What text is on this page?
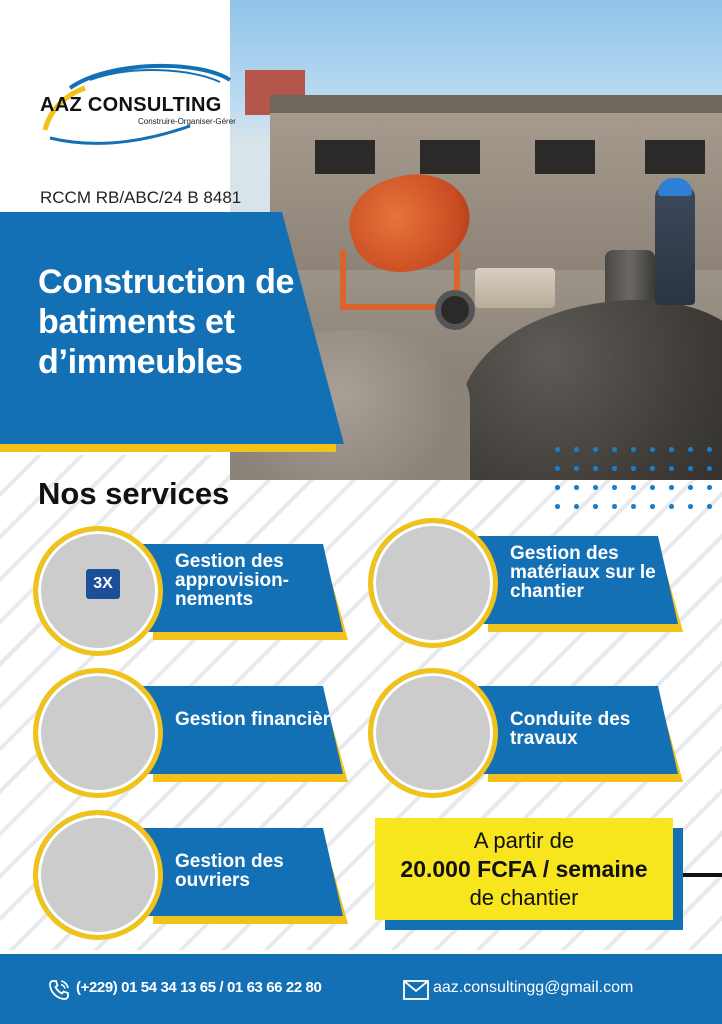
AAZ CONSULTING
Construire-Organiser-Gérer
RCCM RB/ABC/24 B 8481
Construction de batiments et d’immeubles
Nos services
3X
Gestion des approvision-nements
Gestion des matériaux sur le chantier
Gestion financière	Conduite des travaux
Gestion des ouvriers
A partir de
20.000 FCFA / semaine
de chantier
(+229) 01 54 34 13 65 / 01 63 66 22 80	aaz.consultingg@gmail.com
